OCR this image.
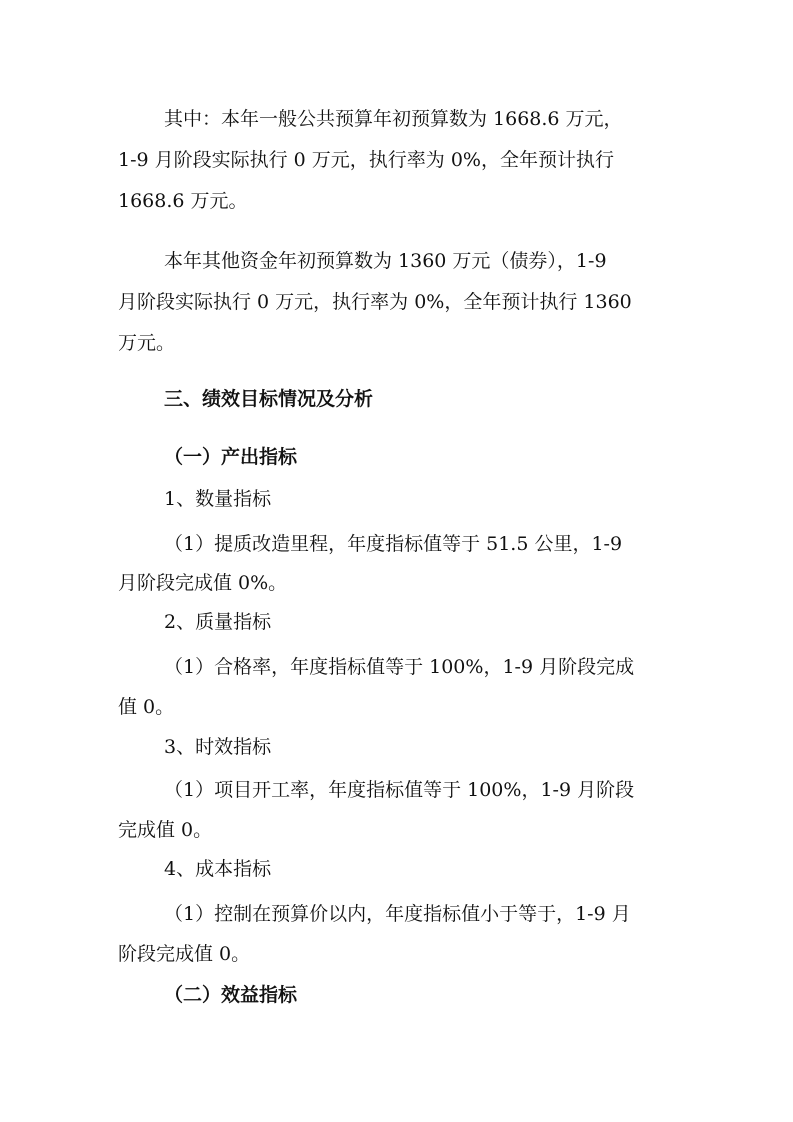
其中：本年一般公共预算年初预算数为 1668.6 万元，
1-9 月阶段实际执行 0 万元，执行率为 0%，全年预计执行
1668.6 万元。
本年其他资金年初预算数为 1360 万元（债券），1-9
月阶段实际执行 0 万元，执行率为 0%，全年预计执行 1360
万元。
三、绩效目标情况及分析
（一）产出指标
1、数量指标
（1）提质改造里程，年度指标值等于 51.5 公里，1-9
月阶段完成值 0%。
2、质量指标
（1）合格率，年度指标值等于 100%，1-9 月阶段完成
值 0。
3、时效指标
（1）项目开工率，年度指标值等于 100%，1-9 月阶段
完成值 0。
4、成本指标
（1）控制在预算价以内，年度指标值小于等于，1-9 月
阶段完成值 0。
（二）效益指标
